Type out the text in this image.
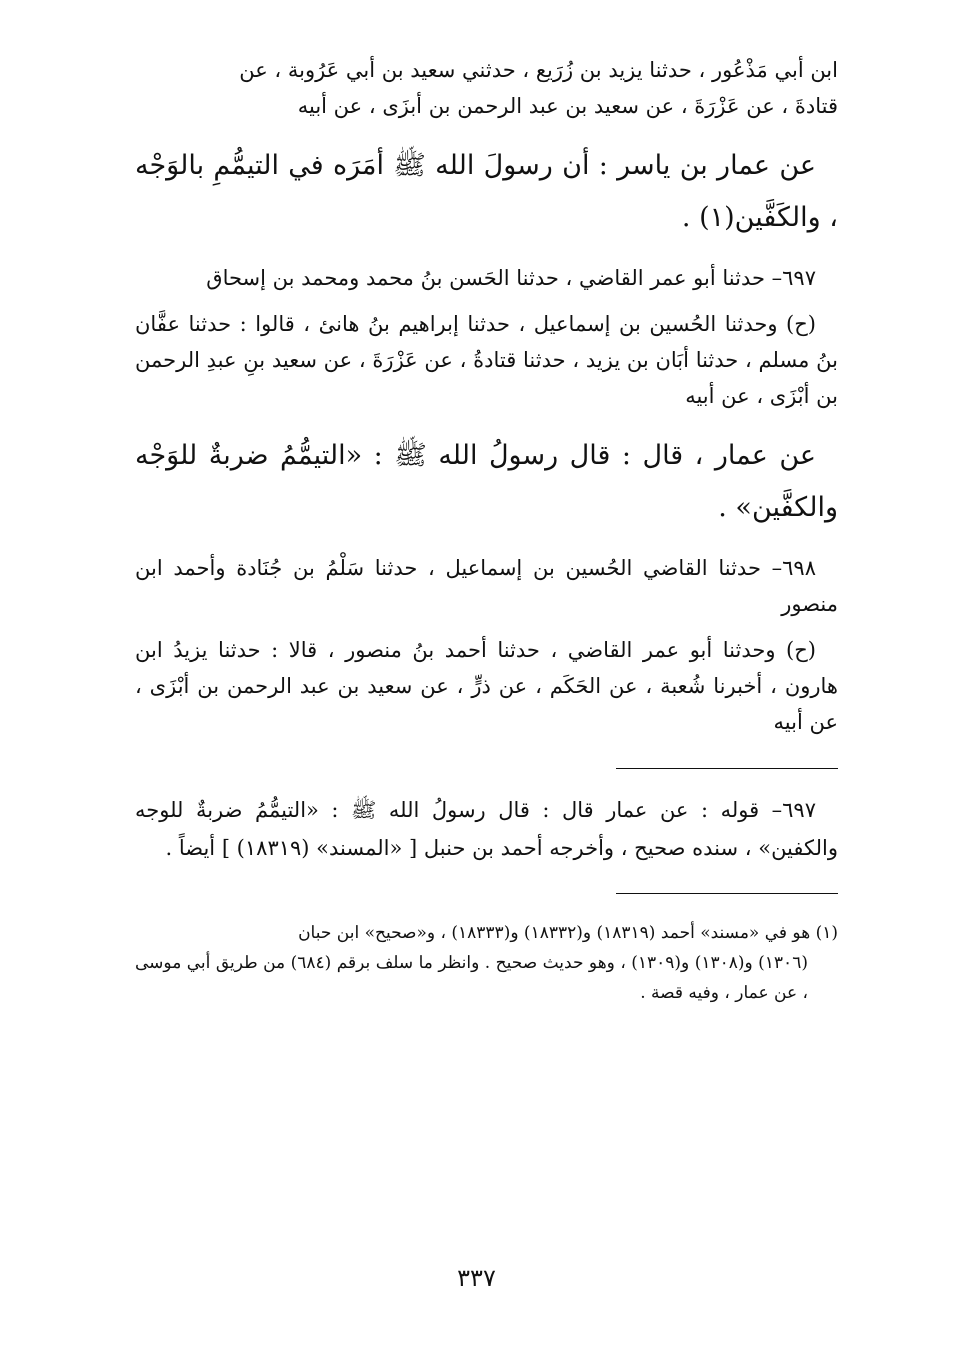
ابن أبي مَذْعُور ، حدثنا يزيد بن زُرَيع ، حدثني سعيد بن أبي عَرُوبة ، عن

قتادةَ ، عن عَزْرَةَ ، عن سعيد بن عبد الرحمن بن أبزَى ، عن أبيه

عن عمار بن ياسر : أن رسولَ الله ﷺ أمَرَه في التيمُّمِ بالوَجْه ، والكَفَّين(١) .

٦٩٧– حدثنا أبو عمر القاضي ، حدثنا الحَسن بنُ محمد ومحمد بن إسحاق

(ح) وحدثنا الحُسين بن إسماعيل ، حدثنا إبراهيم بنُ هانئ ، قالوا : حدثنا عفَّان بنُ مسلم ، حدثنا أبَان بن يزيد ، حدثنا قتادةُ ، عن عَزْرَةَ ، عن سعيد بنِ عبدِ الرحمن بن أبْزَى ، عن أبيه

عن عمار ، قال : قال رسولُ الله ﷺ : «التيمُّمُ ضربةٌ للوَجْه والكفَّين» .

٦٩٨– حدثنا القاضي الحُسين بن إسماعيل ، حدثنا سَلْمُ بن جُنَادة وأحمد ابن منصور

(ح) وحدثنا أبو عمر القاضي ، حدثنا أحمد بنُ منصور ، قالا : حدثنا يزيدُ ابن هارون ، أخبرنا شُعبة ، عن الحَكَم ، عن ذرٍّ ، عن سعيد بن عبد الرحمن بن أبْزَى ، عن أبيه

٦٩٧– قوله : عن عمار قال : قال رسولُ الله ﷺ : «التيمُّمُ ضربةٌ للوجه والكفين» ، سنده صحيح ، وأخرجه أحمد بن حنبل [ «المسند» (١٨٣١٩) ] أيضاً .

(١) هو في «مسند» أحمد (١٨٣١٩) و(١٨٣٣٢) و(١٨٣٣٣) ، و«صحيح» ابن حبان

(١٣٠٦) و(١٣٠٨) و(١٣٠٩) ، وهو حديث صحيح . وانظر ما سلف برقم (٦٨٤) من طريق أبي موسى ، عن عمار ، وفيه قصة .

٣٣٧
